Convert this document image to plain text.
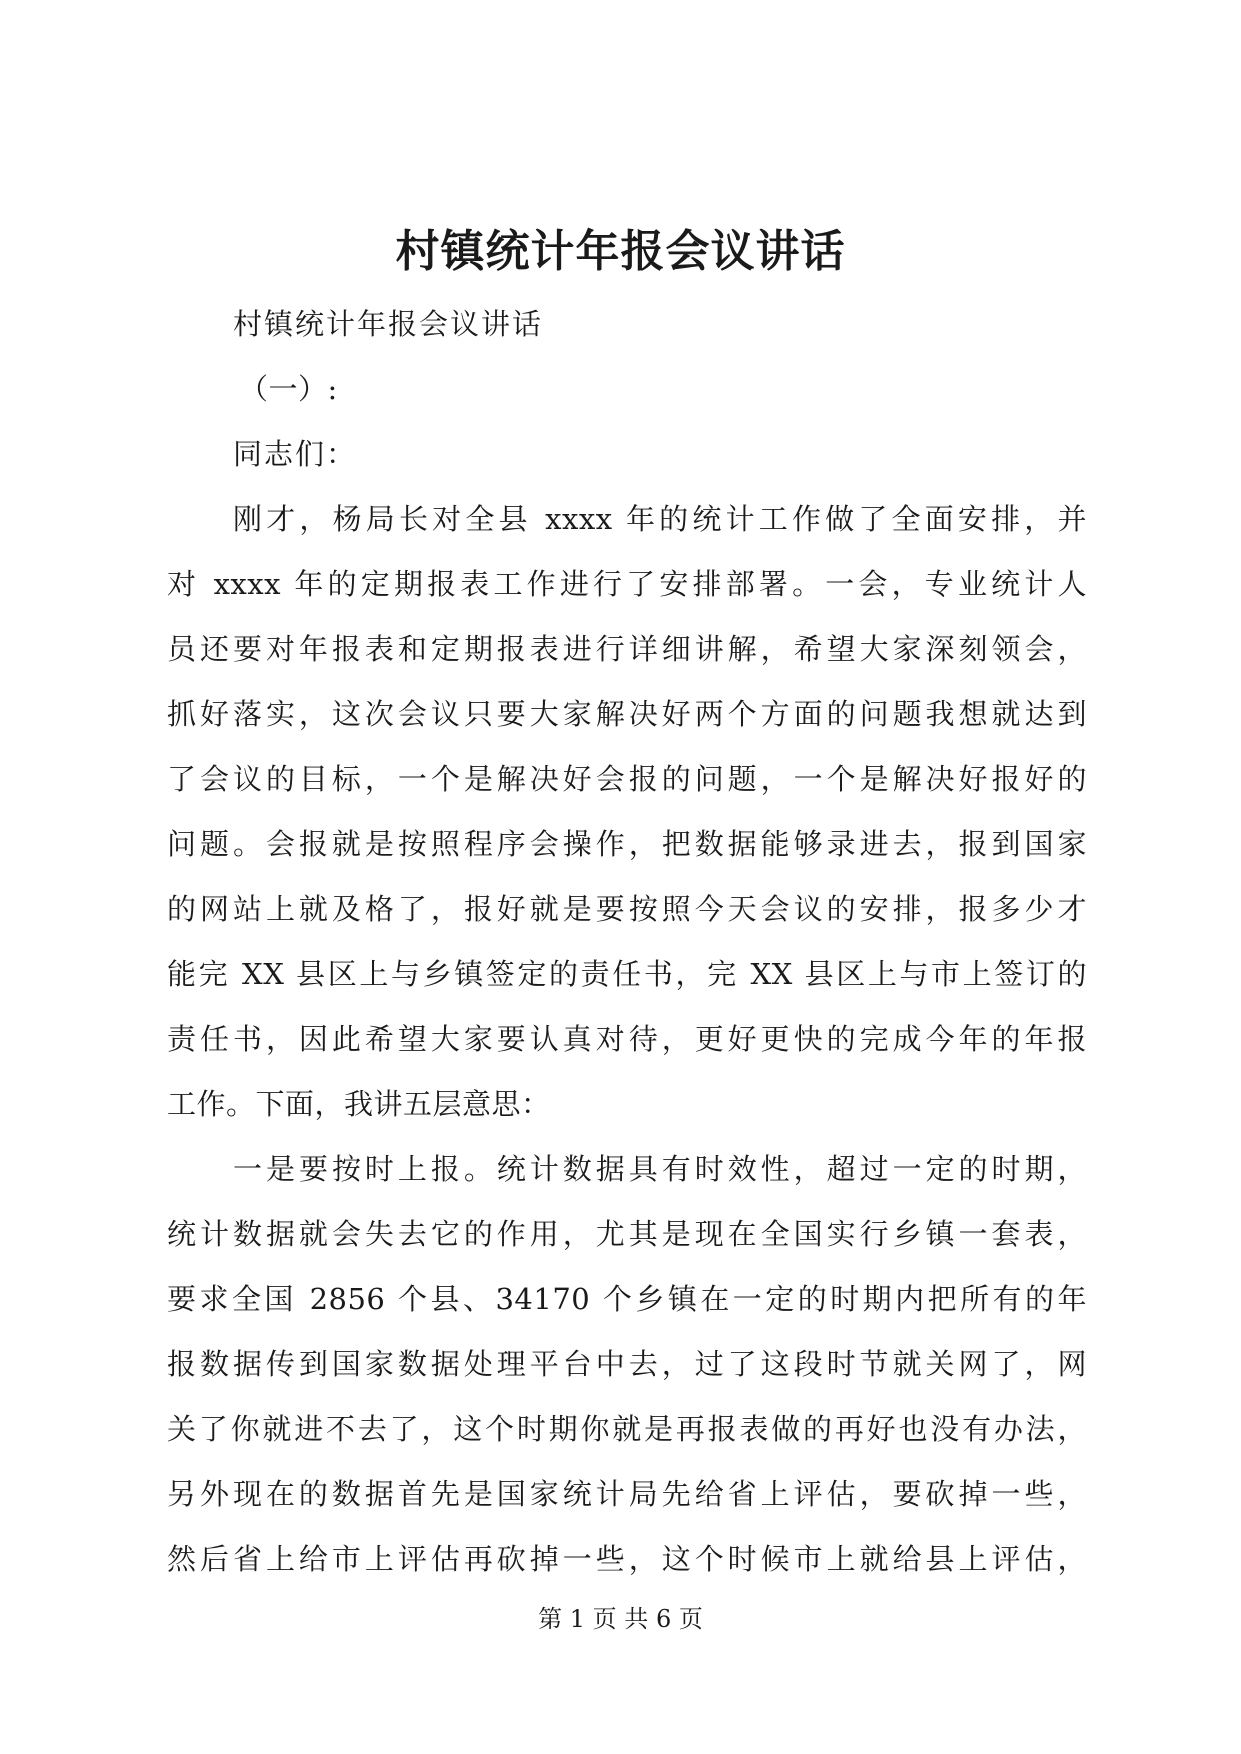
村镇统计年报会议讲话
村镇统计年报会议讲话
（一）:
同志们：
刚才，杨局长对全县 xxxx 年的统计工作做了全面安排，并
对 xxxx 年的定期报表工作进行了安排部署。一会，专业统计人
员还要对年报表和定期报表进行详细讲解，希望大家深刻领会，
抓好落实，这次会议只要大家解决好两个方面的问题我想就达到
了会议的目标，一个是解决好会报的问题，一个是解决好报好的
问题。会报就是按照程序会操作，把数据能够录进去，报到国家
的网站上就及格了，报好就是要按照今天会议的安排，报多少才
能完 XX 县区上与乡镇签定的责任书，完 XX 县区上与市上签订的
责任书，因此希望大家要认真对待，更好更快的完成今年的年报
工作。下面，我讲五层意思：
一是要按时上报。统计数据具有时效性，超过一定的时期，
统计数据就会失去它的作用，尤其是现在全国实行乡镇一套表，
要求全国 2856 个县、34170 个乡镇在一定的时期内把所有的年
报数据传到国家数据处理平台中去，过了这段时节就关网了，网
关了你就进不去了，这个时期你就是再报表做的再好也没有办法，
另外现在的数据首先是国家统计局先给省上评估，要砍掉一些，
然后省上给市上评估再砍掉一些，这个时候市上就给县上评估，
第 1 页 共 6 页
